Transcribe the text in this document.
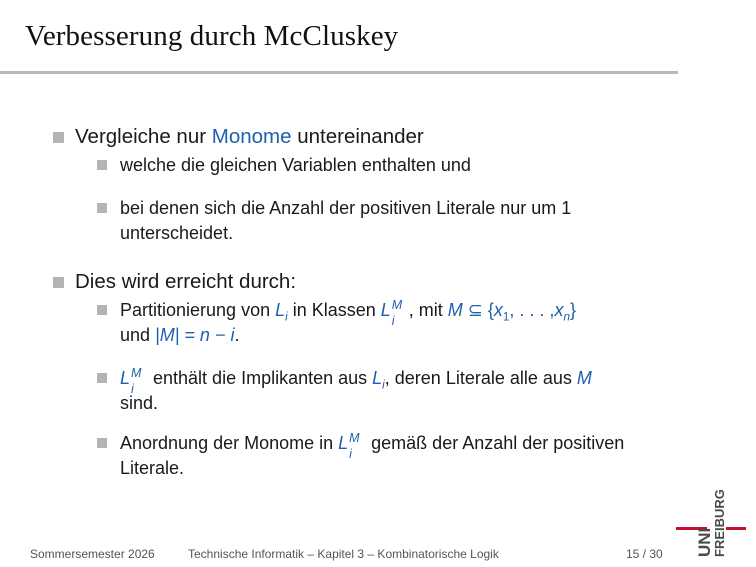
Verbesserung durch McCluskey
Vergleiche nur Monome untereinander
welche die gleichen Variablen enthalten und
bei denen sich die Anzahl der positiven Literale nur um 1 unterscheidet.
Dies wird erreicht durch:
Partitionierung von $L_i$ in Klassen L M
i
, mit M ⊆ {$x_1$, . . . $,x_n$}
und |M| = n − i.
L M
i
enthält die Implikanten aus $L_i$, deren Literale alle aus M
sind.
Anordnung der Monome in L M
i
gemäß der Anzahl der positiven Literale.
Sommersemester 2026	Technische Informatik – Kapitel 3 – Kombinatorische Logik	15 / 30 UNI
FREIBURG
